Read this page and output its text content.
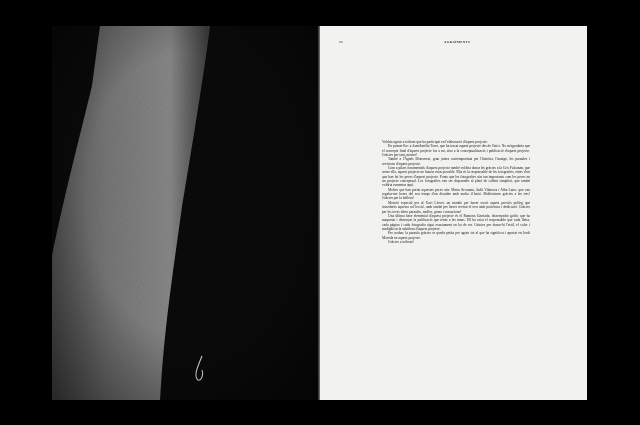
90	AGRAÏMENTS

Voldria agrair a tothom que ha participat en l'elaboració d'aquest projecte.

En primer lloc a JoanAmèlia Torre, que ha tracat aquest projecte des de l'inici. No m'agradaria que el concepte final d'aquest projecte fos a mi, sino a la conceptualització i publicació d'aquest projecte. Gràcies per tant, mestre!

També a l'Àgnès Monserrat, gran jutera contemporània per l'història, l'imatge, les paraules i revisions d'aquest projecte.

Com a pilars fonamentals d'aquest projecte també voldria donar les gràcies a la Cris Fulcanan, que sense ella, aquest projecte no hauria estat possible. Ella és la responsable de les fotografies, eines d'art que han fet les peces d'aquest projecte. Fonts que les fotografies són tan importants com les peces en un projecte conceptual. Les fotografies van ser disparades al plató de callent simplicit, que també voldria esmentar aquí.

Moltes que han portat aquestes peces són: Marta Arcanaiu, Judit Vilanova i Alba Latro, que van regalar-me hores del seu temps d'un dissabte amb molta il·lusió. Moltíssimes gràcies a les tres! Gràcies per la bellesa!

Menció especial per al Xavi Llovet, un mundo per haver escrit aquest preciós pròleg que introdueix aquesta col·lecció, amb també per haver revisat el text amb paciència i dedicació. Gràcies per les teves idees paraules, molles, grans i sensacions!

Una última base elemental d'aquest projecte és el Ramona Garriada, dissenyador gràfic que ha maquetat i dissenyat la publicació que teniu a les mans. Ell ha estat el responsable que cada lletra, cada pàgina i cada fotografia sigui exactament on ha de ser. Gràcies per donar-hi l'estil, el color i multiplicar la subtilesa d'aquest projecte.

Per acabar, la paraula gràcies se queda petita per agrair tot el que ha significat i aportat en Jordi Moreda en aquest projecte.

Gràcies a tothom!
